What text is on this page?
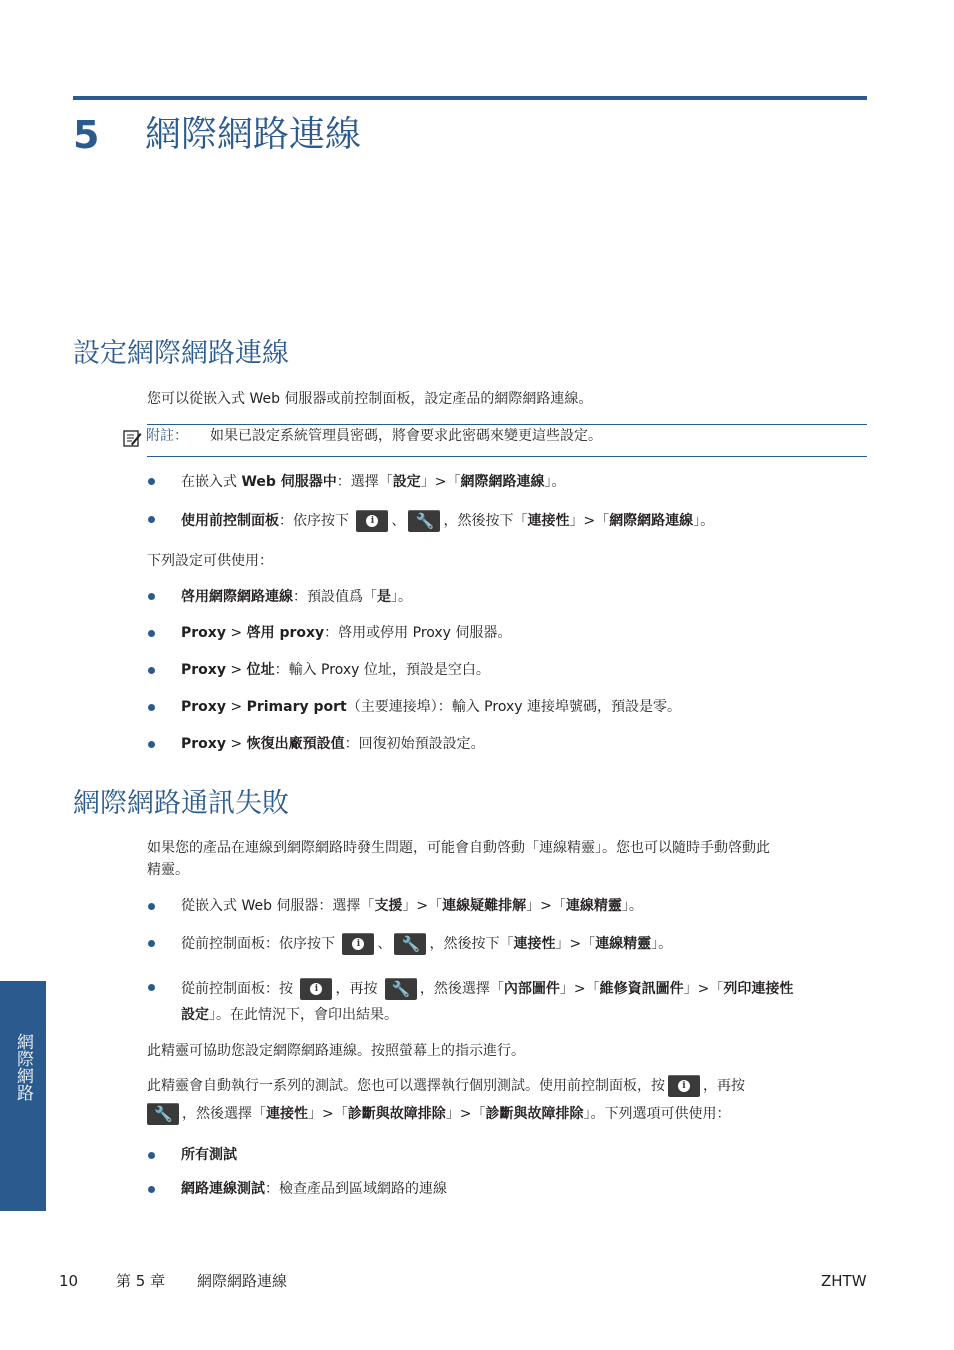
5 網際網路連線
設定網際網路連線
您可以從嵌入式 Web 伺服器或前控制面板，設定產品的網際網路連線。
附註： 如果已設定系統管理員密碼，將會要求此密碼來變更這些設定。
在嵌入式 Web 伺服器中：選擇「設定」>「網際網路連線」。
使用前控制面板：依序按下	i	、 🔧 ，然後按下「連接性」>「網際網路連線」。
下列設定可供使用：
啓用網際網路連線：預設值爲「是」。
Proxy > 啓用 proxy：啓用或停用 Proxy 伺服器。
Proxy > 位址：輸入 Proxy 位址，預設是空白。
Proxy > Primary port（主要連接埠）：輸入 Proxy 連接埠號碼，預設是零。
Proxy > 恢復出廠預設值：回復初始預設設定。
網際網路通訊失敗
如果您的產品在連線到網際網路時發生問題，可能會自動啓動「連線精靈」。您也可以隨時手動啓動此
精靈。
從嵌入式 Web 伺服器：選擇「支援」>「連線疑難排解」>「連線精靈」。
從前控制面板：依序按下	i	、 🔧 ，然後按下「連接性」>「連線精靈」。
從前控制面板：按	i	，再按 🔧 ，然後選擇「內部圖件」>「維修資訊圖件」>「列印連接性
設定」。在此情況下，會印出結果。
此精靈可協助您設定網際網路連線。按照螢幕上的指示進行。
此精靈會自動執行一系列的測試。您也可以選擇執行個別測試。使用前控制面板，按	i	，再按
🔧 ，然後選擇「連接性」>「診斷與故障排除」>「診斷與故障排除」。下列選項可供使用：
所有測試
網路連線測試：檢查產品到區域網路的連線
網際網路
10	第 5 章 網際網路連線	ZHTW
